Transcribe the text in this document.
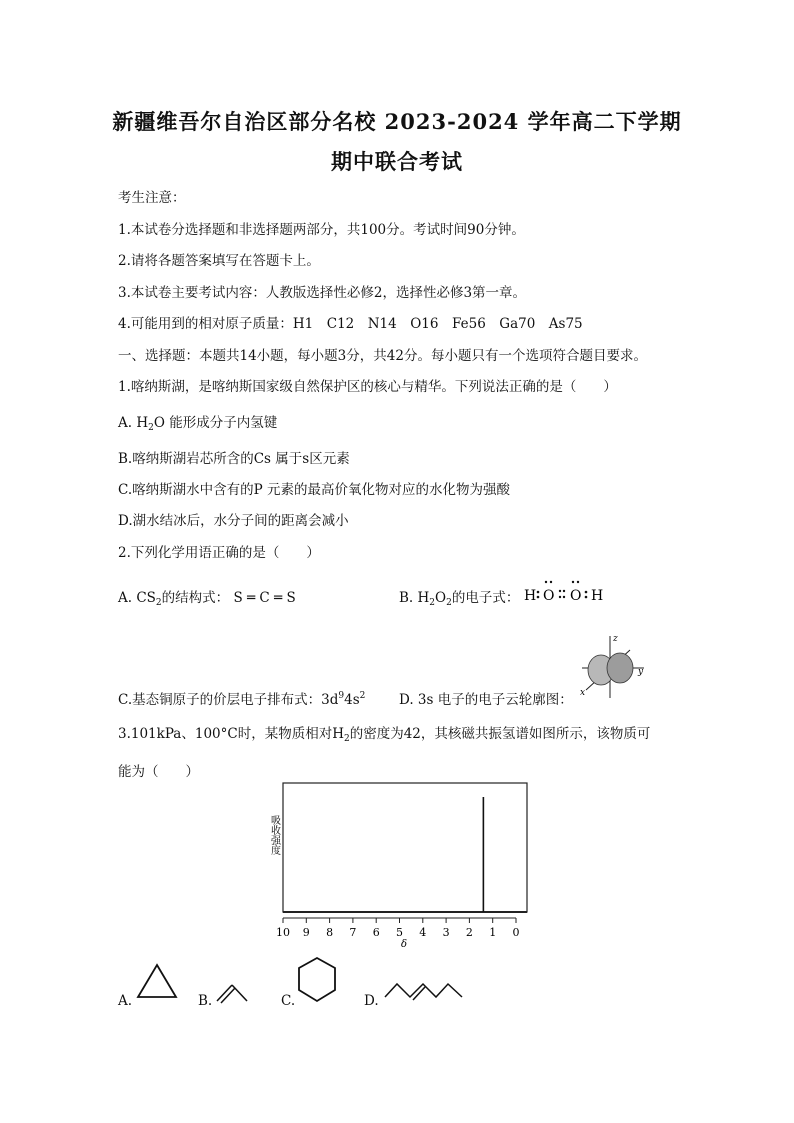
新疆维吾尔自治区部分名校 2023-2024 学年高二下学期
期中联合考试
考生注意：
1.本试卷分选择题和非选择题两部分，共100分。考试时间90分钟。
2.请将各题答案填写在答题卡上。
3.本试卷主要考试内容：人教版选择性必修2，选择性必修3第一章。
4.可能用到的相对原子质量：H1　C12　N14　O16　Fe56　Ga70　As75
一、选择题：本题共14小题，每小题3分，共42分。每小题只有一个选项符合题目要求。
1.喀纳斯湖，是喀纳斯国家级自然保护区的核心与精华。下列说法正确的是（　　）
A. $H_2O$ 能形成分子内氢键
B.喀纳斯湖岩芯所含的Cs 属于s区元素
C.喀纳斯湖水中含有的P 元素的最高价氧化物对应的水化物为强酸
D.湖水结冰后，水分子间的距离会减小
2.下列化学用语正确的是（　　）
A. $CS_2$的结构式： S ═ C ═ S	B. $H_2O_2$的电子式： H O O H
C.基态铜原子的价层电子排布式：$3d^94s^2$ D. 3s 电子的电子云轮廓图：
z
y
x
3.101kPa、100°C时，某物质相对$H_2$的密度为42，其核磁共振氢谱如图所示，该物质可
能为（　　）
吸收强度
10 9 8 7 6 5 4 3 2 1 0
δ
A.	B.	C.	D.
